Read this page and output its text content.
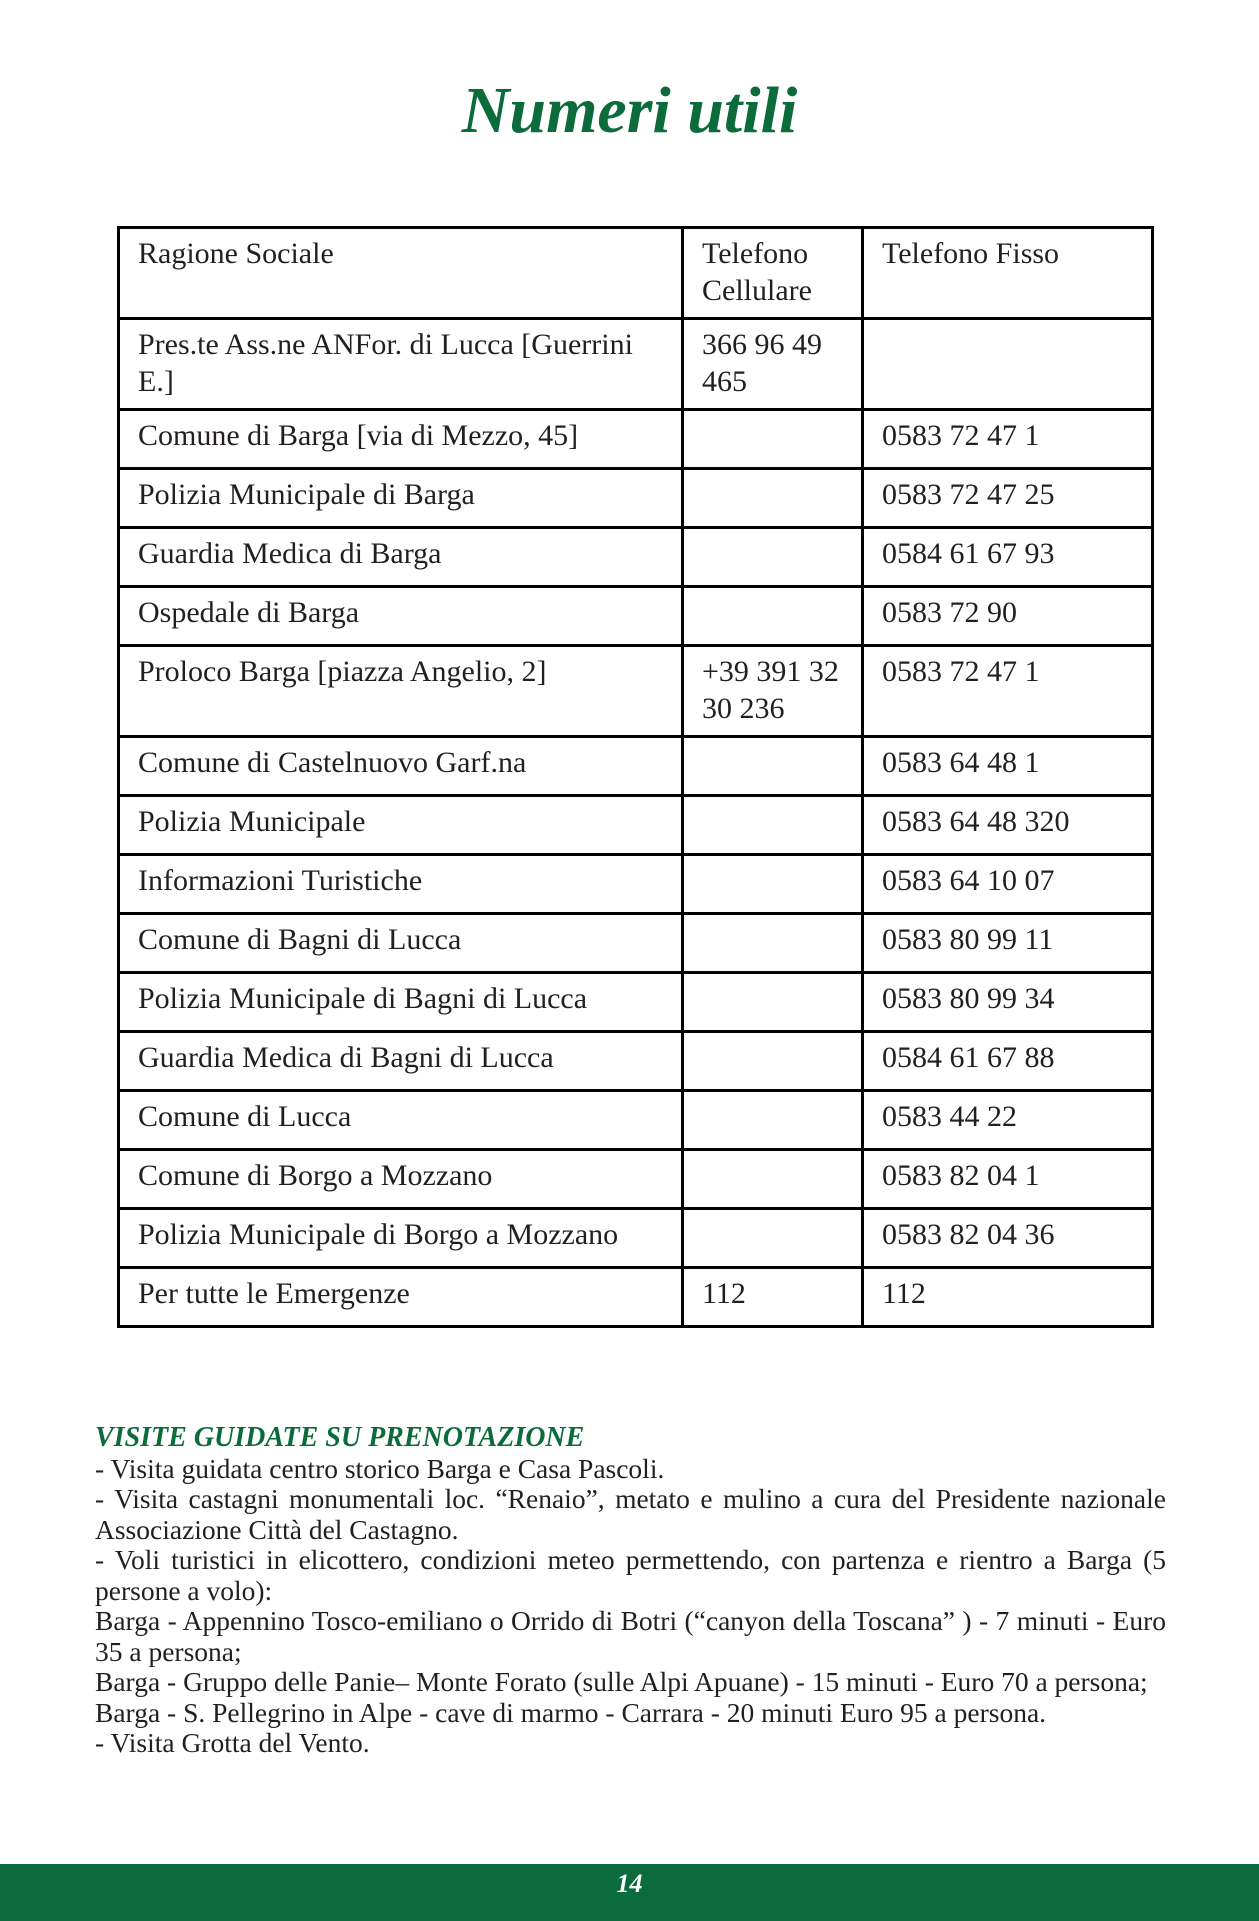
Numeri utili
Ragione Sociale	Telefono Cellulare	Telefono Fisso
Pres.te Ass.ne ANFor. di Lucca [Guerrini E.]	366 96 49 465	
Comune di Barga [via di Mezzo, 45]		0583 72 47 1
Polizia Municipale di Barga		0583 72 47 25
Guardia Medica di Barga		0584 61 67 93
Ospedale di Barga		0583 72 90
Proloco Barga [piazza Angelio, 2]	+39 391 32 30 236	0583 72 47 1
Comune di Castelnuovo Garf.na		0583 64 48 1
Polizia Municipale		0583 64 48 320
Informazioni Turistiche		0583 64 10 07
Comune di Bagni di Lucca		0583 80 99 11
Polizia Municipale di Bagni di Lucca		0583 80 99 34
Guardia Medica di Bagni di Lucca		0584 61 67 88
Comune di Lucca		0583 44 22
Comune di Borgo a Mozzano		0583 82 04 1
Polizia Municipale di Borgo a Mozzano		0583 82 04 36
Per tutte le Emergenze	112	112
VISITE GUIDATE SU PRENOTAZIONE

- Visita guidata centro storico Barga e Casa Pascoli.

- Visita castagni monumentali loc. “Renaio”, metato e mulino a cura del Presidente nazionale Associazione Città del Castagno.

- Voli turistici in elicottero, condizioni meteo permettendo, con partenza e rientro a Barga (5 persone a volo):

Barga - Appennino Tosco-emiliano o Orrido di Botri (“canyon della Toscana” ) - 7 minuti - Euro 35 a persona;

Barga - Gruppo delle Panie– Monte Forato (sulle Alpi Apuane) - 15 minuti - Euro 70 a persona;

Barga - S. Pellegrino in Alpe - cave di marmo - Carrara - 20 minuti Euro 95 a persona.

- Visita Grotta del Vento.

14
